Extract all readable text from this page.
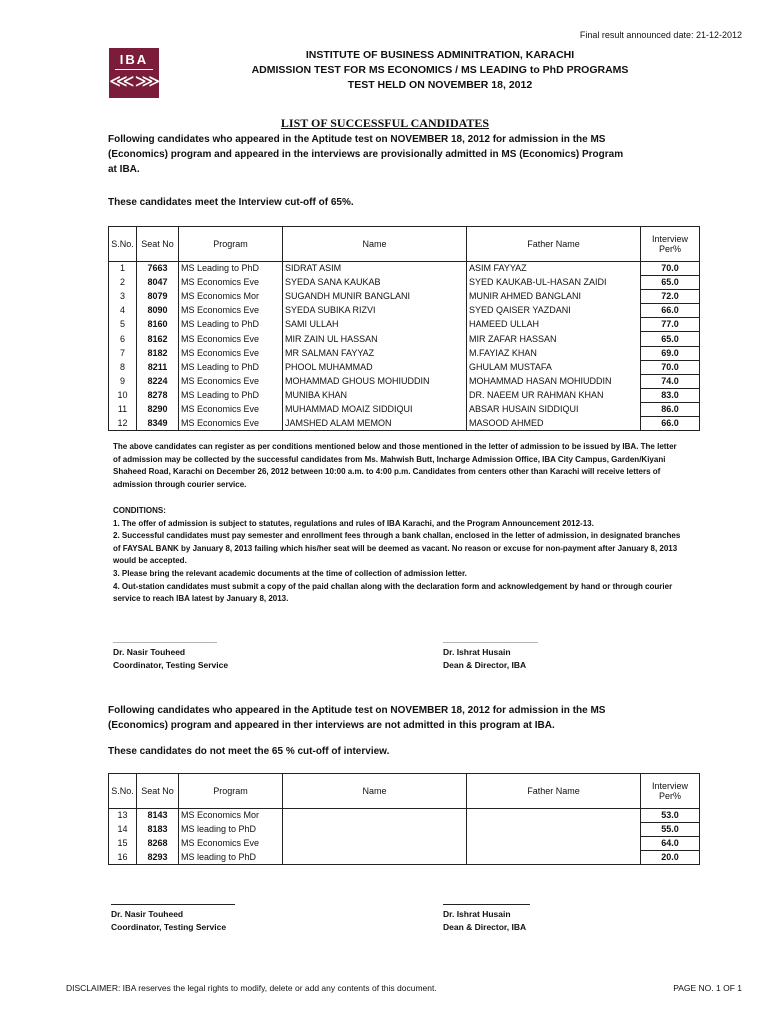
Final result announced date: 21-12-2012
IBA
⋘⋙
INSTITUTE OF BUSINESS ADMINITRATION, KARACHI
ADMISSION TEST FOR MS ECONOMICS / MS LEADING to PhD PROGRAMS
TEST HELD ON NOVEMBER 18, 2012
LIST OF SUCCESSFUL CANDIDATES
Following candidates who appeared in the Aptitude test on NOVEMBER 18, 2012 for admission in the MS (Economics) program and appeared in the interviews are provisionally admitted in MS (Economics) Program at IBA.
These candidates meet the Interview cut-off of 65%.
S.No.	Seat No	Program	Name	Father Name	Interview
Per%
1	7663	MS Leading to PhD	SIDRAT ASIM	ASIM FAYYAZ	70.0
2	8047	MS Economics Eve	SYEDA SANA KAUKAB	SYED KAUKAB-UL-HASAN ZAIDI	65.0
3	8079	MS Economics Mor	SUGANDH MUNIR BANGLANI	MUNIR AHMED BANGLANI	72.0
4	8090	MS Economics Eve	SYEDA SUBIKA RIZVI	SYED QAISER YAZDANI	66.0
5	8160	MS Leading to PhD	SAMI ULLAH	HAMEED ULLAH	77.0
6	8162	MS Economics Eve	MIR ZAIN UL HASSAN	MIR ZAFAR HASSAN	65.0
7	8182	MS Economics Eve	MR SALMAN FAYYAZ	M.FAYIAZ KHAN	69.0
8	8211	MS Leading to PhD	PHOOL MUHAMMAD	GHULAM MUSTAFA	70.0
9	8224	MS Economics Eve	MOHAMMAD GHOUS MOHIUDDIN	MOHAMMAD HASAN MOHIUDDIN	74.0
10	8278	MS Leading to PhD	MUNIBA KHAN	DR. NAEEM UR RAHMAN KHAN	83.0
11	8290	MS Economics Eve	MUHAMMAD MOAIZ SIDDIQUI	ABSAR HUSAIN SIDDIQUI	86.0
12	8349	MS Economics Eve	JAMSHED ALAM MEMON	MASOOD AHMED	66.0
The above candidates can register as per conditions mentioned below and those mentioned in the letter of admission to be issued by IBA. The letter of admission may be collected by the successful candidates from Ms. Mahwish Butt, Incharge Admission Office, IBA City Campus, Garden/Kiyani Shaheed Road, Karachi on December 26, 2012 between 10:00 a.m. to 4:00 p.m. Candidates from centers other than Karachi will receive letters of admission through courier service.
CONDITIONS:
1. The offer of admission is subject to statutes, regulations and rules of IBA Karachi, and the Program Announcement 2012-13.
2. Successful candidates must pay semester and enrollment fees through a bank challan, enclosed in the letter of admission, in designated branches of FAYSAL BANK by January 8, 2013 failing which his/her seat will be deemed as vacant. No reason or excuse for non-payment after January 8, 2013 would be accepted.
3. Please bring the relevant academic documents at the time of collection of admission letter.
4. Out-station candidates must submit a copy of the paid challan along with the declaration form and acknowledgement by hand or through courier service to reach IBA latest by January 8, 2013.
______________________
Dr. Nasir Touheed
Coordinator, Testing Service
____________________
Dr. Ishrat Husain
Dean & Director, IBA
Following candidates who appeared in the Aptitude test on NOVEMBER 18, 2012 for admission in the MS (Economics) program and appeared in ther interviews are not admitted in this program at IBA.
These candidates do not meet the 65 % cut-off of interview.
S.No.	Seat No	Program	Name	Father Name	Interview
Per%
13	8143	MS Economics Mor			53.0
14	8183	MS leading to PhD			55.0
15	8268	MS Economics Eve			64.0
16	8293	MS leading to PhD			20.0
Dr. Nasir Touheed
Coordinator, Testing Service
Dr. Ishrat Husain
Dean & Director, IBA
DISCLAIMER: IBA reserves the legal rights to modify, delete or add any contents of this document.	PAGE NO. 1 OF 1
